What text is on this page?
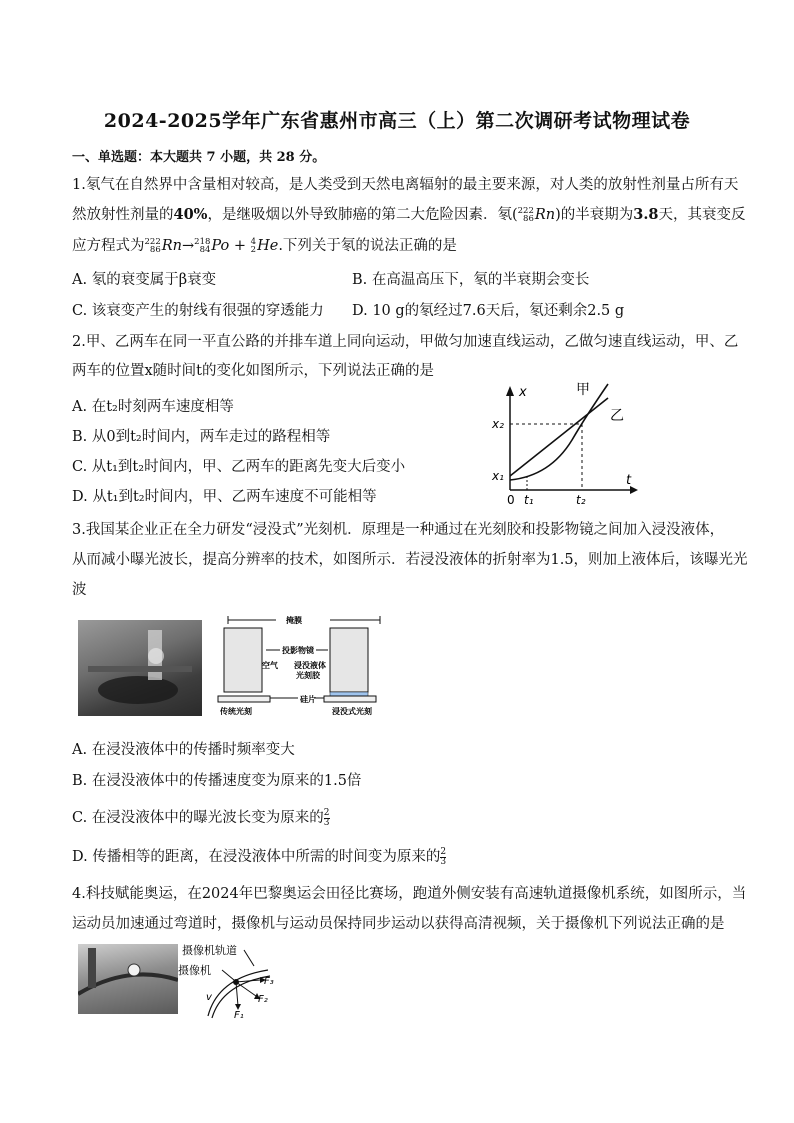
2024-2025学年广东省惠州市高三（上）第二次调研考试物理试卷
一、单选题：本大题共 7 小题，共 28 分。
1.氡气在自然界中含量相对较高，是人类受到天然电离辐射的最主要来源，对人类的放射性剂量占所有天
然放射性剂量的40%，是继吸烟以外导致肺癌的第二大危险因素．氡( 222
86 Rn)的半衰期为3.8天，其衰变反
应方程式为 222
86 Rn→ 218
84 Po + 4
2 He.下列关于氡的说法正确的是
A. 氡的衰变属于β衰变	B. 在高温高压下，氡的半衰期会变长
C. 该衰变产生的射线有很强的穿透能力 D. 10 g的氡经过7.6天后，氡还剩余2.5 g
2.甲、乙两车在同一平直公路的并排车道上同向运动，甲做匀加速直线运动，乙做匀速直线运动，甲、乙
两车的位置x随时间t的变化如图所示，下列说法正确的是
A. 在t₂时刻两车速度相等
B. 从0到t₂时间内，两车走过的路程相等
C. 从t₁到t₂时间内，甲、乙两车的距离先变大后变小
D. 从t₁到t₂时间内，甲、乙两车速度不可能相等
x
t
x₂
x₁
0 t₁	t₂
甲
乙
3.我国某企业正在全力研发“浸没式”光刻机．原理是一种通过在光刻胶和投影物镜之间加入浸没液体，
从而减小曝光波长，提高分辨率的技术，如图所示．若浸没液体的折射率为1.5，则加上液体后，该曝光光
波
掩膜
投影物镜
空气 浸没液体
光刻胶
硅片
传统光刻	浸没式光刻
A. 在浸没液体中的传播时频率变大
B. 在浸没液体中的传播速度变为原来的1.5倍
C. 在浸没液体中的曝光波长变为原来的 $\frac{2}{3}$
D. 传播相等的距离，在浸没液体中所需的时间变为原来的 $\frac{2}{3}$
4.科技赋能奥运，在2024年巴黎奥运会田径比赛场，跑道外侧安装有高速轨道摄像机系统，如图所示，当
运动员加速通过弯道时，摄像机与运动员保持同步运动以获得高清视频，关于摄像机下列说法正确的是
摄像机轨道
摄像机
F₃
F₂
F₁
v
